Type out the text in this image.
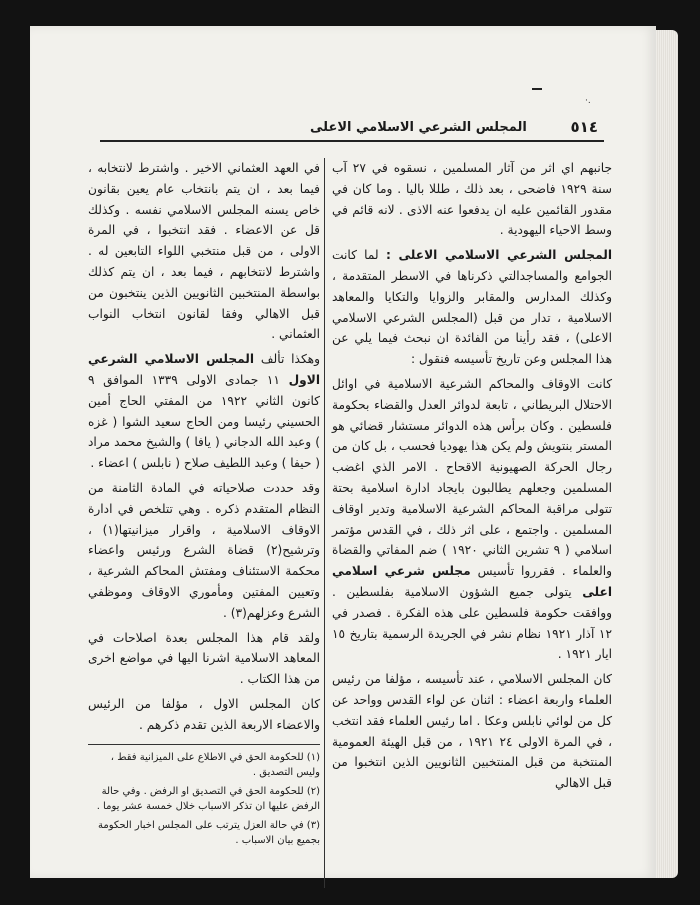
·.
٥١٤
المجلس الشرعي الاسلامي الاعلى

جانبهم اي اثر من آثار المسلمين ، نسقوه في ٢٧ آب سنة ١٩٢٩ فاضحى ، بعد ذلك ، طللا باليا . وما كان في مقدور القائمين عليه ان يدفعوا عنه الاذى . لانه قائم في وسط الاحياء اليهودية .

المجلس الشرعي الاسلامي الاعلى : لما كانت الجوامع والمساجدالتي ذكرناها في الاسطر المتقدمة ، وكذلك المدارس والمقابر والزوايا والتكايا والمعاهد الاسلامية ، تدار من قبل (المجلس الشرعي الاسلامي الاعلى) ، فقد رأينا من الفائدة ان نبحث فيما يلي عن هذا المجلس وعن تاريخ تأسيسه فنقول :

كانت الاوقاف والمحاكم الشرعية الاسلامية في اوائل الاحتلال البريطاني ، تابعة لدوائر العدل والقضاء بحكومة فلسطين . وكان برأس هذه الدوائر مستشار قضائي هو المستر بنتويش ولم يكن هذا يهوديا فحسب ، بل كان من رجال الحركة الصهيونية الاقحاح . الامر الذي اغضب المسلمين وجعلهم يطالبون بايجاد ادارة اسلامية بحتة تتولى مراقبة المحاكم الشرعية الاسلامية وتدير اوقاف المسلمين . واجتمع ، على اثر ذلك ، في القدس مؤتمر اسلامي ( ٩ تشرين الثاني ١٩٢٠ ) ضم المفاتي والقضاة والعلماء . فقرروا تأسيس مجلس شرعي اسلامي اعلى يتولى جميع الشؤون الاسلامية بفلسطين . ووافقت حكومة فلسطين على هذه الفكرة . فصدر في ١٢ آذار ١٩٢١ نظام نشر في الجريدة الرسمية بتاريخ ١٥ ايار ١٩٢١ .

كان المجلس الاسلامي ، عند تأسيسه ، مؤلفا من رئيس العلماء واربعة اعضاء : اثنان عن لواء القدس وواحد عن كل من لوائي نابلس وعكا . اما رئيس العلماء فقد انتخب ، في المرة الاولى ٢٤ ١٩٢١ ، من قبل الهيئة العمومية المنتخبة من قبل المنتخبين الثانويين الذين انتخبوا من قبل الاهالي

في العهد العثماني الاخير . واشترط لانتخابه ، فيما بعد ، ان يتم بانتخاب عام يعين بقانون خاص يسنه المجلس الاسلامي نفسه . وكذلك قل عن الاعضاء . فقد انتخبوا ، في المرة الاولى ، من قبل منتخبي اللواء التابعين له . واشترط لانتخابهم ، فيما بعد ، ان يتم كذلك بواسطة المنتخبين الثانويين الذين ينتخبون من قبل الاهالي وفقا لقانون انتخاب النواب العثماني .

وهكذا تألف المجلس الاسلامي الشرعي الاول ١١ جمادى الاولى ١٣٣٩ الموافق ٩ كانون الثاني ١٩٢٢ من المفتي الحاج أمين الحسيني رئيسا ومن الحاج سعيد الشوا ( غزه ) وعبد الله الدجاني ( يافا ) والشيخ محمد مراد ( حيفا ) وعبد اللطيف صلاح ( نابلس ) اعضاء .

وقد حددت صلاحياته في المادة الثامنة من النظام المتقدم ذكره . وهي تتلخص في ادارة الاوقاف الاسلامية ، واقرار ميزانيتها(١) ، وترشيح(٢) قضاة الشرع ورئيس واعضاء محكمة الاستئناف ومفتش المحاكم الشرعية ، وتعيين المفتين ومأموري الاوقاف وموظفي الشرع وعزلهم(٣) .

ولقد قام هذا المجلس بعدة اصلاحات في المعاهد الاسلامية اشرنا اليها في مواضع اخرى من هذا الكتاب .

كان المجلس الاول ، مؤلفا من الرئيس والاعضاء الاربعة الذين تقدم ذكرهم .

(١) للحكومة الحق في الاطلاع على الميزانية فقط ، وليس التصديق .

(٢) للحكومة الحق في التصديق او الرفض . وفي حالة الرفض عليها ان تذكر الاسباب خلال خمسة عشر يوما .

(٣) في حالة العزل يترتب على المجلس اخبار الحكومة بجميع بيان الاسباب .
